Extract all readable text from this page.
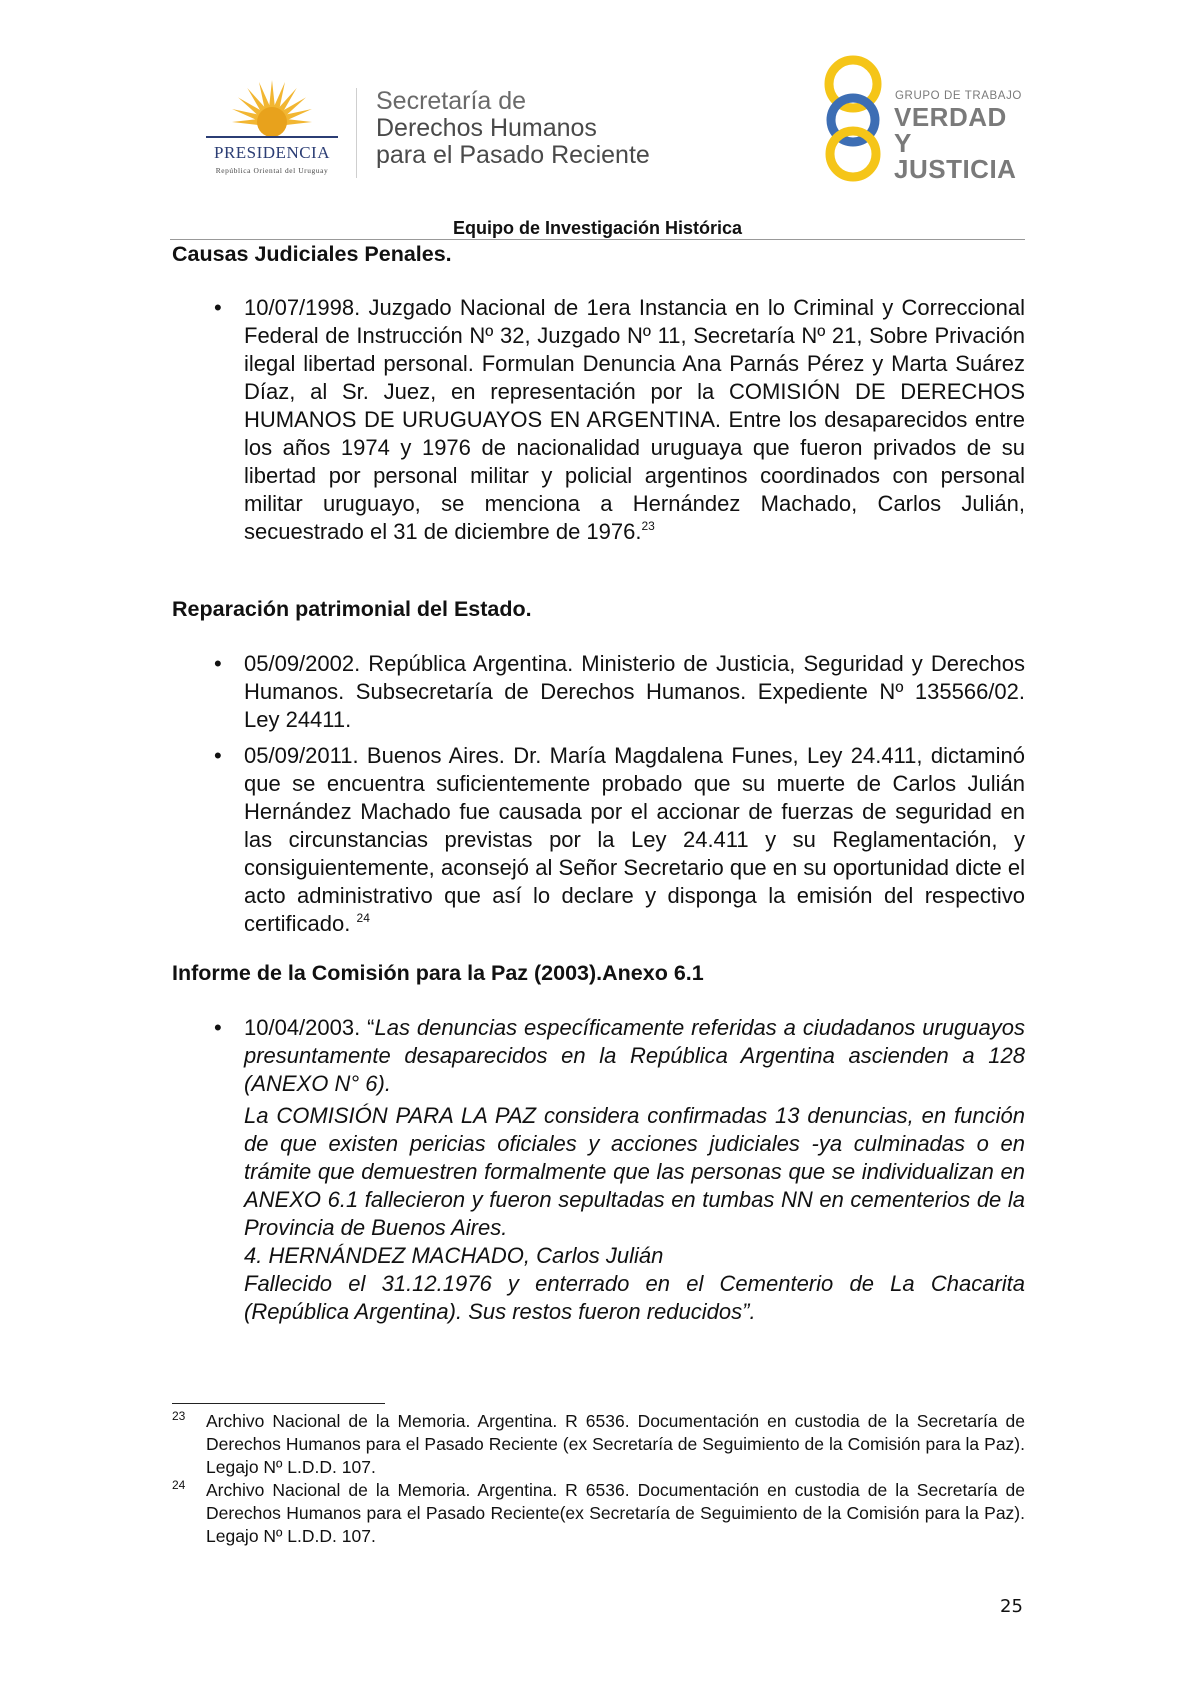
PRESIDENCIA
República Oriental del Uruguay
Secretaría de
Derechos Humanos
para el Pasado Reciente
GRUPO DE TRABAJO
VERDAD Y
JUSTICIA
Equipo de Investigación Histórica
Causas Judiciales Penales.
• 10/07/1998. Juzgado Nacional de 1era Instancia en lo Criminal y Correccional Federal de Instrucción Nº 32, Juzgado Nº 11, Secretaría Nº 21, Sobre Privación ilegal libertad personal. Formulan Denuncia Ana Parnás Pérez y Marta Suárez Díaz, al Sr. Juez, en representación por la COMISIÓN DE DERECHOS HUMANOS DE URUGUAYOS EN ARGENTINA. Entre los desaparecidos entre los años 1974 y 1976 de nacionalidad uruguaya que fueron privados de su libertad por personal militar y policial argentinos coordinados con personal militar uruguayo, se menciona a Hernández Machado, Carlos Julián, secuestrado el 31 de diciembre de 1976.23

Reparación patrimonial del Estado.
• 05/09/2002. República Argentina. Ministerio de Justicia, Seguridad y Derechos Humanos. Subsecretaría de Derechos Humanos. Expediente Nº 135566/02. Ley 24411.

• 05/09/2011. Buenos Aires. Dr. María Magdalena Funes, Ley 24.411, dictaminó que se encuentra suficientemente probado que su muerte de Carlos Julián Hernández Machado fue causada por el accionar de fuerzas de seguridad en las circunstancias previstas por la Ley 24.411 y su Reglamentación, y consiguientemente, aconsejó al Señor Secretario que en su oportunidad dicte el acto administrativo que así lo declare y disponga la emisión del respectivo certificado. $^{24}$

Informe de la Comisión para la Paz (2003).Anexo 6.1
• 10/04/2003. “Las denuncias específicamente referidas a ciudadanos uruguayos presuntamente desaparecidos en la República Argentina ascienden a 128 (ANEXO N° 6).

La COMISIÓN PARA LA PAZ considera confirmadas 13 denuncias, en función de que existen pericias oficiales y acciones judiciales -ya culminadas o en trámite que demuestren formalmente que las personas que se individualizan en ANEXO 6.1 fallecieron y fueron sepultadas en tumbas NN en cementerios de la Provincia de Buenos Aires.

4. HERNÁNDEZ MACHADO, Carlos Julián

Fallecido el 31.12.1976 y enterrado en el Cementerio de La Chacarita (República Argentina). Sus restos fueron reducidos”.

23 Archivo Nacional de la Memoria. Argentina. R 6536. Documentación en custodia de la Secretaría de Derechos Humanos para el Pasado Reciente (ex Secretaría de Seguimiento de la Comisión para la Paz). Legajo Nº L.D.D. 107.

24 Archivo Nacional de la Memoria. Argentina. R 6536. Documentación en custodia de la Secretaría de Derechos Humanos para el Pasado Reciente(ex Secretaría de Seguimiento de la Comisión para la Paz). Legajo Nº L.D.D. 107.

25
